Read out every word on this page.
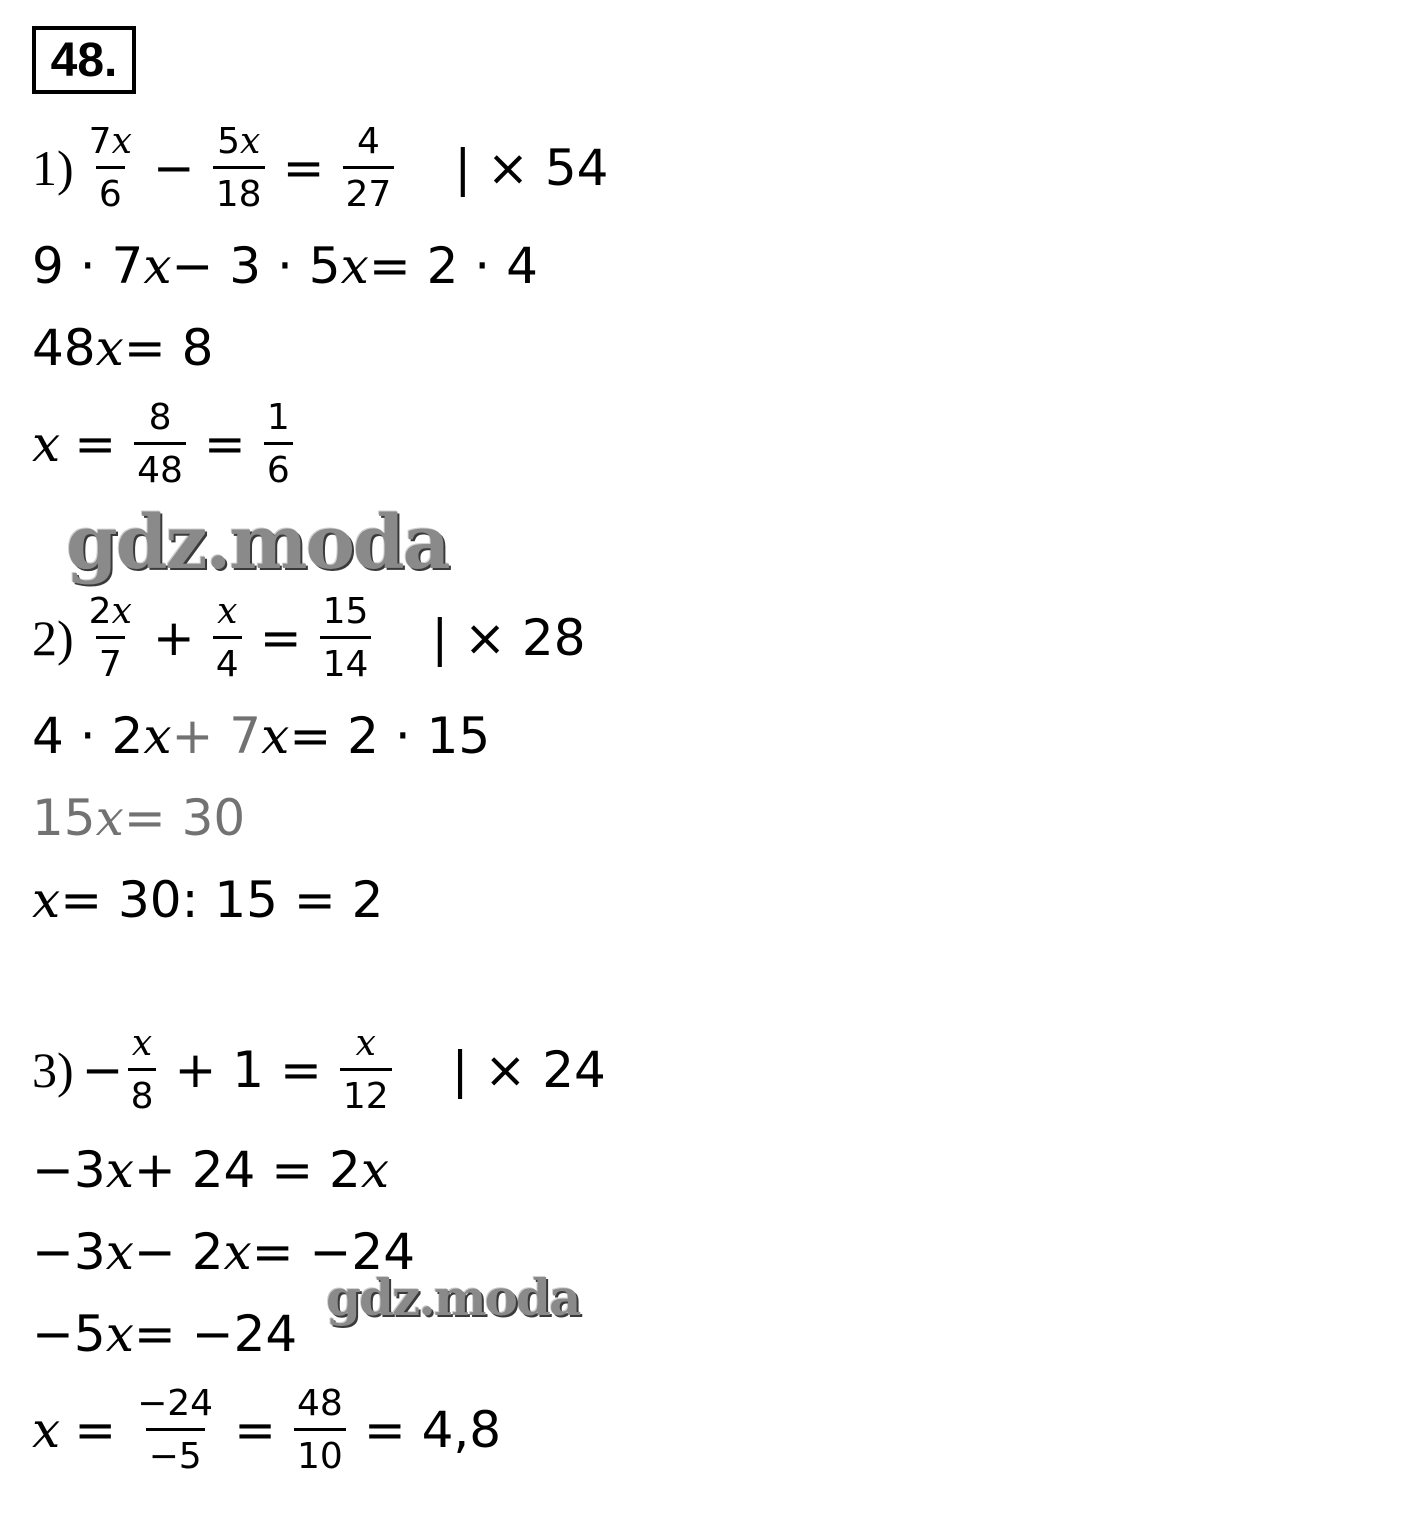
48.
$1) \frac{7x}{6} - \frac{5x}{18} = \frac{4}{27}$ | × 54
9 · 7 x − 3 · 5 x = 2 · 4
48 x = 8
$x = \frac{8}{48} = \frac{1}{6}$
gdz.moda
$2) \frac{2x}{7} + \frac{x}{4} = \frac{15}{14}$ | × 28
4 · 2 x + 7 x = 2 · 15
15 x = 30
x = 30: 15 = 2
$3) - \frac{x}{8} + 1 = \frac{x}{12}$ | × 24
−3 x + 24 = 2 x
−3 x − 2 x = −24
−5 x = −24
gdz.moda
$x = \frac{-24}{-5} = \frac{48}{10} = 4,8$
